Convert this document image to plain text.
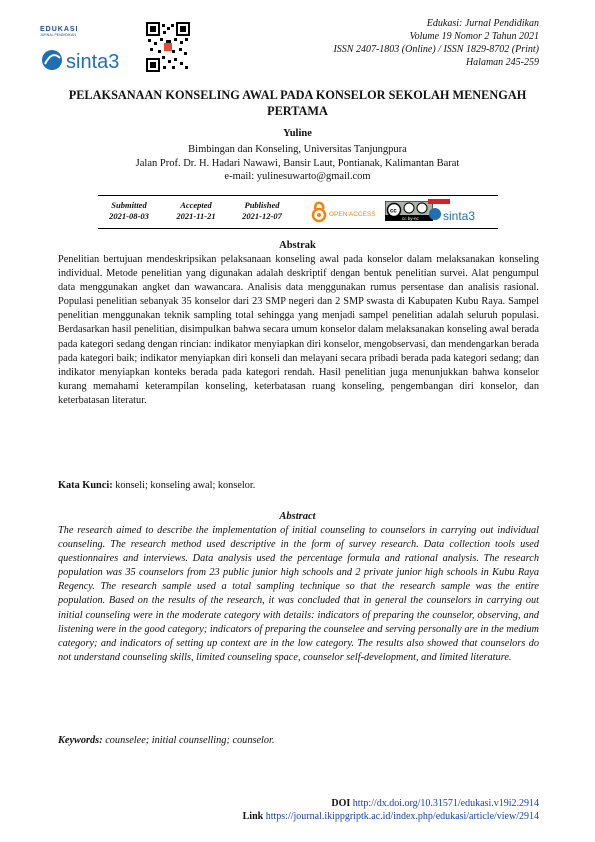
EDUKASI
JURNAL PENDIDIKAN
sinta3
Edukasi: Jurnal Pendidikan
Volume 19 Nomor 2 Tahun 2021
ISSN 2407-1803 (Online) / ISSN 1829-8702 (Print)
Halaman 245-259
PELAKSANAAN KONSELING AWAL PADA KONSELOR SEKOLAH MENENGAH PERTAMA
Yuline
Bimbingan dan Konseling, Universitas Tanjungpura
Jalan Prof. Dr. H. Hadari Nawawi, Bansir Laut, Pontianak, Kalimantan Barat
e-mail: yulinesuwarto@gmail.com
Submitted
2021-08-03
Accepted
2021-11-21
Published
2021-12-07	OPEN ACCESS cc
cc by-nc sinta3
Abstrak
Penelitian bertujuan mendeskripsikan pelaksanaan konseling awal pada konselor dalam melaksanakan konseling individual. Metode penelitian yang digunakan adalah deskriptif dengan bentuk penelitian survei. Alat pengumpul data menggunakan angket dan wawancara. Analisis data menggunakan rumus persentase dan analisis rasional. Populasi penelitian sebanyak 35 konselor dari 23 SMP negeri dan 2 SMP swasta di Kabupaten Kubu Raya. Sampel penelitian menggunakan teknik sampling total sehingga yang menjadi sampel penelitian adalah seluruh populasi. Berdasarkan hasil penelitian, disimpulkan bahwa secara umum konselor dalam melaksanakan konseling awal berada pada kategori sedang dengan rincian: indikator menyiapkan diri konselor, mengobservasi, dan mendengarkan berada pada kategori baik; indikator menyiapkan diri konseli dan melayani secara pribadi berada pada kategori sedang; dan indikator menyiapkan konteks berada pada kategori rendah. Hasil penelitian juga menunjukkan bahwa konselor kurang memahami keterampilan konseling, keterbatasan ruang konseling, pengembangan diri konselor, dan keterbatasan literatur.
Kata Kunci: konseli; konseling awal; konselor.
Abstract
The research aimed to describe the implementation of initial counseling to counselors in carrying out individual counseling. The research method used descriptive in the form of survey research. Data collection tools used questionnaires and interviews. Data analysis used the percentage formula and rational analysis. The research population was 35 counselors from 23 public junior high schools and 2 private junior high schools in Kubu Raya Regency. The research sample used a total sampling technique so that the research sample was the entire population. Based on the results of the research, it was concluded that in general the counselors in carrying out initial counseling were in the moderate category with details: indicators of preparing the counselor, observing, and listening were in the good category; indicators of preparing the counselee and serving personally are in the medium category; and indicators of setting up context are in the low category. The results also showed that counselors do not understand counseling skills, limited counseling space, counselor self-development, and limited literature.
Keywords: counselee; initial counselling; counselor.
DOI http://dx.doi.org/10.31571/edukasi.v19i2.2914
Link https://journal.ikippgriptk.ac.id/index.php/edukasi/article/view/2914
